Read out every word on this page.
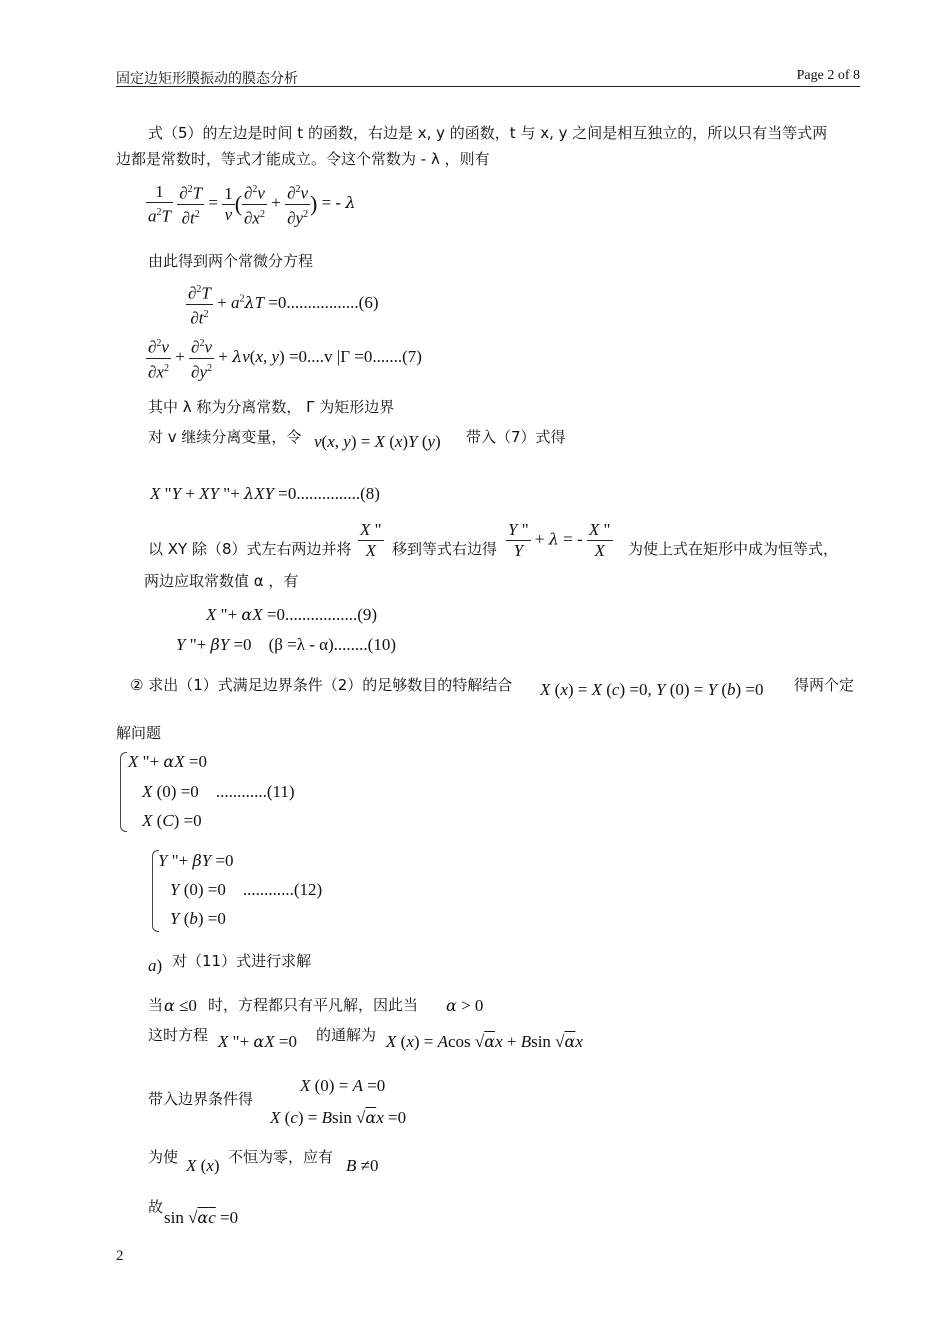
固定边矩形膜振动的膜态分析	Page 2 of 8
式（5）的左边是时间 t 的函数，右边是 x, y 的函数，t 与 x, y 之间是相互独立的，所以只有当等式两
边都是常数时，等式才能成立。令这个常数为 - λ ，则有
$\frac{1}{a^2T}$
$\frac{\partial^2T}{\partial t^2} = \frac{1}{v}$ ( $\frac{\partial^2v}{\partial x^2} + \frac{\partial^2v}{\partial y^2}$ ) = - λ
由此得到两个常微分方程
$\frac{\partial^2T}{\partial t^2} + a^2\lambda T =0.................(6)$
$\frac{\partial^2v}{\partial x^2} + \frac{\partial^2v}{\partial y^2} + \lambda v(x$, y) =0....v |Γ =0.......(7)
其中 λ 称为分离常数， Γ 为矩形边界
对 v 继续分离变量，令 v(x, y) = X (x)Y (y) 带入（7）式得
X "Y + XY "+ λXY =0...............(8)
以 XY 除（8）式左右两边并将 $\frac{X "}{X}$ 移到等式右边得 $\frac{Y "}{Y} + \lambda$ = - $\frac{X "}{X}$ 为使上式在矩形中成为恒等式，
两边应取常数值 α ，有
X "+ αX =0.................(9)
Y "+ βY =0    (β =λ - α)........(10)
② 求出（1）式满足边界条件（2）的足够数目的特解结合 X (x) = X (c) =0, Y (0) = Y (b) =0 得两个定
解问题
X "+ αX =0
X (0) =0    ............(11)
X (C) =0
Y "+ βY =0
Y (0) =0    ............(12)
Y (b) =0
a) 对（11）式进行求解
当 α ≤0 时，方程都只有平凡解，因此当 α > 0
这时方程 X "+ αX =0 的通解为 X (x) = Acos √αx + Bsin √αx
带入边界条件得
X (0) = A =0
X (c) = Bsin √αx =0
为使 X (x) 不恒为零，应有 B ≠0
故
sin √αc =0
2
